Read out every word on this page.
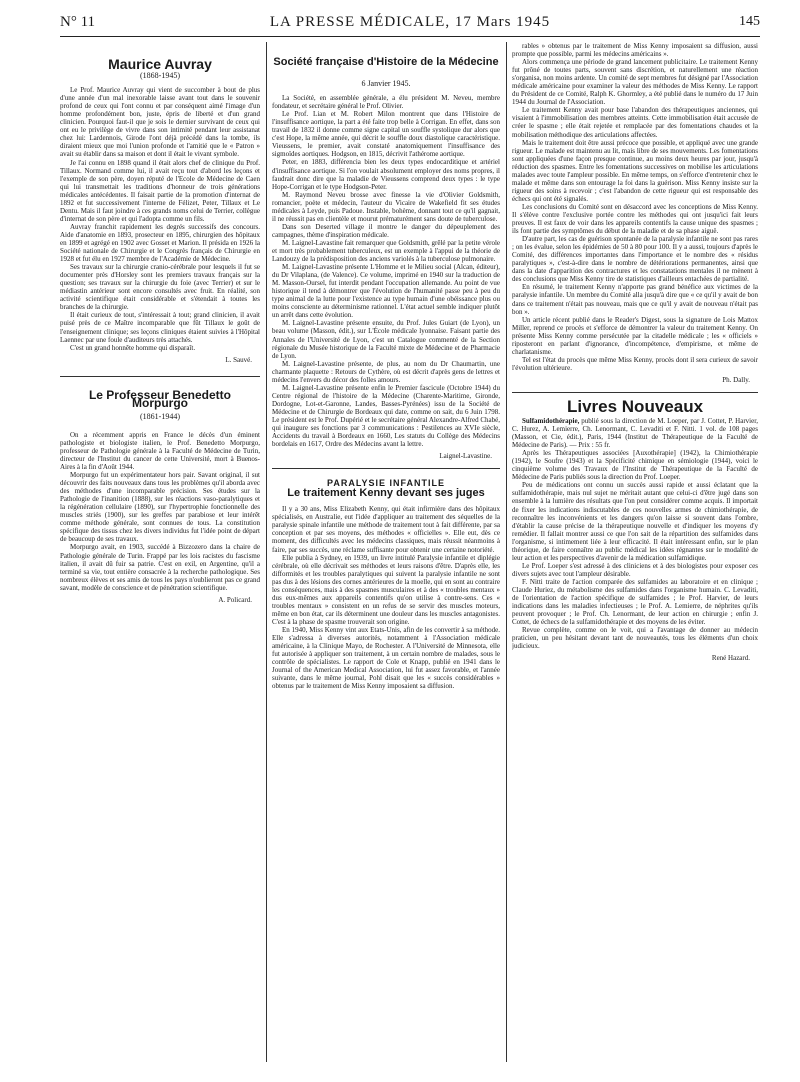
N° 11	LA PRESSE MÉDICALE, 17 Mars 1945	145
Maurice Auvray
(1868-1945)

Le Prof. Maurice Auvray qui vient de succomber à bout de plus d'une année d'un mal inexorable laisse avant tout dans le souvenir profond de ceux qui l'ont connu et par conséquent aimé l'image d'un homme profondément bon, juste, épris de liberté et d'un grand clinicien. Pourquoi faut-il que je sois le dernier survivant de ceux qui ont eu le privilège de vivre dans son intimité pendant leur assistanat chez lui: Lardennois, Girode l'ont déjà précédé dans la tombe, ils diraient mieux que moi l'union profonde et l'amitié que le « Patron » avait su établir dans sa maison et dont il était le vivant symbole.

Je l'ai connu en 1898 quand il était alors chef de clinique du Prof. Tillaux. Normand comme lui, il avait reçu tout d'abord les leçons et l'exemple de son père, doyen réputé de l'Ecole de Médecine de Caen qui lui transmettait les traditions d'honneur de trois générations médicales antécédentes. Il faisait partie de la promotion d'internat de 1892 et fut successivement l'interne de Félizet, Peter, Tillaux et Le Dentu. Mais il faut joindre à ces grands noms celui de Terrier, collègue d'internat de son père et qui l'adopta comme un fils.

Auvray franchit rapidement les degrés successifs des concours. Aide d'anatomie en 1893, prosecteur en 1895, chirurgien des hôpitaux en 1899 et agrégé en 1902 avec Gosset et Marion. Il présida en 1926 la Société nationale de Chirurgie et le Congrès français de Chirurgie en 1928 et fut élu en 1927 membre de l'Académie de Médecine.

Ses travaux sur la chirurgie cranio-cérébrale pour lesquels il fut se documenter près d'Horsley sont les premiers travaux français sur la question; ses travaux sur la chirurgie du foie (avec Terrier) et sur le médiastin antérieur sont encore consultés avec fruit. En réalité, son activité scientifique était considérable et s'étendait à toutes les branches de la chirurgie.

Il était curieux de tout, s'intéressait à tout; grand clinicien, il avait puisé près de ce Maître incomparable que fût Tillaux le goût de l'enseignement clinique; ses leçons cliniques étaient suivies à l'Hôpital Laennec par une foule d'auditeurs très attachés.

C'est un grand honnête homme qui disparaît.

L. Sauvé.
Le Professeur Benedetto Morpurgo
(1861-1944)

On a récemment appris en France le décès d'un éminent pathologiste et biologiste italien, le Prof. Benedetto Morpurgo, professeur de Pathologie générale à la Faculté de Médecine de Turin, directeur de l'Institut du cancer de cette Université, mort à Buenos-Aires à la fin d'Août 1944.

Morpurgo fut un expérimentateur hors pair. Savant original, il sut découvrir des faits nouveaux dans tous les problèmes qu'il aborda avec des méthodes d'une incomparable précision. Ses études sur la Pathologie de l'inanition (1888), sur les réactions vaso-paralytiques et la régénération cellulaire (1890), sur l'hypertrophie fonctionnelle des muscles striés (1900), sur les greffes par parabiose et leur intérêt comme méthode générale, sont connues de tous. La constitution spécifique des tissus chez les divers individus fut l'idée point de départ de beaucoup de ses travaux.

Morpurgo avait, en 1903, succédé à Bizzozero dans la chaire de Pathologie générale de Turin. Frappé par les lois racistes du fascisme italien, il avait dû fuir sa patrie. C'est en exil, en Argentine, qu'il a terminé sa vie, tout entière consacrée à la recherche pathologique. Ses nombreux élèves et ses amis de tous les pays n'oublieront pas ce grand savant, modèle de conscience et de pénétration scientifique.

A. Policard.
Société française d'Histoire de la Médecine
6 Janvier 1945.

La Société, en assemblée générale, a élu président M. Neveu, membre fondateur, et secrétaire général le Prof. Olivier.

Le Prof. Lian et M. Robert Milon montrent que dans l'Histoire de l'insuffisance aortique, la part a été faite trop belle à Corrigan. En effet, dans son travail de 1832 il donne comme signe capital un souffle systolique dur alors que c'est Hope, la même année, qui décrit le souffle doux diastolique caractéristique. Vieussens, le premier, avait constaté anatomiquement l'insuffisance des sigmoïdes aortiques. Hodgson, en 1815, décrivit l'athérome aortique.

Peter, en 1883, différencia bien les deux types endocarditique et artériel d'insuffisance aortique. Si l'on voulait absolument employer des noms propres, il faudrait donc dire que la maladie de Vieussens comprend deux types : le type Hope-Corrigan et le type Hodgson-Peter.

M. Raymond Neveu brosse avec finesse la vie d'Olivier Goldsmith, romancier, poète et médecin, l'auteur du Vicaire de Wakefield fit ses études médicales à Leyde, puis Padoue. Instable, bohème, donnant tout ce qu'il gagnait, il ne réussit pas en clientèle et mourut prématurément sans doute de tuberculose.

Dans son Deserted village il montre le danger du dépeuplement des campagnes, thème d'inspiration médicale.

M. Laignel-Lavastine fait remarquer que Goldsmith, grêlé par la petite vérole et mort très probablement tuberculeux, est un exemple à l'appui de la théorie de Landouzy de la prédisposition des anciens variolés à la tuberculose pulmonaire.

M. Laignel-Lavastine présente L'Homme et le Milieu social (Alcan, éditeur), du Dr Vilaplana, (de Valence). Ce volume, imprimé en 1940 sur la traduction de M. Masson-Oursel, fut interdit pendant l'occupation allemande. Au point de vue historique il tend à démontrer que l'évolution de l'humanité passe peu à peu du type animal de la lutte pour l'existence au type humain d'une obéissance plus ou moins consciente au déterminisme rationnel. L'état actuel semble indiquer plutôt un arrêt dans cette évolution.

M. Laignel-Lavastine présente ensuite, du Prof. Jules Guiart (de Lyon), un beau volume (Masson, édit.), sur L'École médicale lyonnaise. Faisant partie des Annales de l'Université de Lyon, c'est un Catalogue commenté de la Section régionale du Musée historique de la Faculté mixte de Médecine et de Pharmacie de Lyon.

M. Laignel-Lavastine présente, de plus, au nom du Dr Chaumartin, une charmante plaquette : Retours de Cythère, où est décrit d'après gens de lettres et médecins l'envers du décor des folles amours.

M. Laignel-Lavastine présente enfin le Premier fascicule (Octobre 1944) du Centre régional de l'histoire de la Médecine (Charente-Maritime, Gironde, Dordogne, Lot-et-Garonne, Landes, Basses-Pyrénées) issu de la Société de Médecine et de Chirurgie de Bordeaux qui date, comme on sait, du 6 Juin 1798. Le président est le Prof. Dupérié et le secrétaire général Alexandre-Alfred Chabé, qui inaugure ses fonctions par 3 communications : Pestilences au XVIe siècle, Accidents du travail à Bordeaux en 1660, Les statuts du Collège des Médecins bordelais en 1617, Ordre des Médecins avant la lettre.

Laignel-Lavastine.
PARALYSIE INFANTILE
Le traitement Kenny devant ses juges

Il y a 30 ans, Miss Elizabeth Kenny, qui était infirmière dans des hôpitaux spécialisés, en Australie, eut l'idée d'appliquer au traitement des séquelles de la paralysie spinale infantile une méthode de traitement tout à fait différente, par sa conception et par ses moyens, des méthodes « officielles ». Elle eut, dès ce moment, des difficultés avec les médecins classiques, mais réussit néanmoins à faire, par ses succès, une réclame suffisante pour obtenir une certaine notoriété.

Elle publia à Sydney, en 1939, un livre intitulé Paralysie infantile et diplégie cérébrale, où elle décrivait ses méthodes et leurs raisons d'être. D'après elle, les difformités et les troubles paralytiques qui suivent la paralysie infantile ne sont pas dus à des lésions des cornes antérieures de la moelle, qui en sont au contraire les conséquences, mais à des spasmes musculaires et à des « troubles mentaux » dus eux-mêmes aux appareils contentifs qu'on utilise à contre-sens. Ces « troubles mentaux » consistent en un refus de se servir des muscles moteurs, même en bon état, car ils déterminent une douleur dans les muscles antagonistes. C'est à la phase de spasme trouverait son origine.

En 1940, Miss Kenny vint aux Etats-Unis, afin de les convertir à sa méthode. Elle s'adressa à diverses autorités, notamment à l'Association médicale américaine, à la Clinique Mayo, de Rochester. A l'Université de Minnesota, elle fut autorisée à appliquer son traitement, à un certain nombre de malades, sous le contrôle de spécialistes. Le rapport de Cole et Knapp, publié en 1941 dans le Journal of the American Medical Association, lui fut assez favorable, et l'année suivante, dans le même journal, Pohl disait que les « succès considérables » obtenus par le traitement de Miss Kenny imposaient sa diffusion.

rables » obtenus par le traitement de Miss Kenny imposaient sa diffusion, aussi prompte que possible, parmi les médecins américains ».

Alors commença une période de grand lancement publicitaire. Le traitement Kenny fut prôné de toutes parts, souvent sans discrétion, et naturellement une réaction s'organisa, non moins ardente. Un comité de sept membres fut désigné par l'Association médicale américaine pour examiner la valeur des méthodes de Miss Kenny. Le rapport du Président de ce Comité, Ralph K. Ghormley, a été publié dans le numéro du 17 Juin 1944 du Journal de l'Association.

Le traitement Kenny avait pour base l'abandon des thérapeutiques anciennes, qui visaient à l'immobilisation des membres atteints. Cette immobilisation était accusée de créer le spasme ; elle était rejetée et remplacée par des fomentations chaudes et la mobilisation méthodique des articulations affectées.

Mais le traitement doit être aussi précoce que possible, et appliqué avec une grande rigueur. Le malade est maintenu au lit, mais libre de ses mouvements. Les fomentations sont appliquées d'une façon presque continue, au moins deux heures par jour, jusqu'à réduction des spasmes. Entre les fomentations successives on mobilise les articulations malades avec toute l'ampleur possible. En même temps, on s'efforce d'entretenir chez le malade et même dans son entourage la foi dans la guérison. Miss Kenny insiste sur la rigueur des soins à recevoir ; c'est l'abandon de cette rigueur qui est responsable des échecs qui ont été signalés.

Les conclusions du Comité sont en désaccord avec les conceptions de Miss Kenny. Il s'élève contre l'exclusive portée contre les méthodes qui ont jusqu'ici fait leurs preuves. Il est faux de voir dans les appareils contentifs la cause unique des spasmes ; ils font partie des symptômes du début de la maladie et de sa phase aiguë.

D'autre part, les cas de guérison spontanée de la paralysie infantile ne sont pas rares ; on les évalue, selon les épidémies de 50 à 80 pour 100. Il y a aussi, toujours d'après le Comité, des différences importantes dans l'importance et le nombre des « résidus paralytiques », c'est-à-dire dans le nombre de détériorations permanentes, ainsi que dans la date d'apparition des contractures et les constatations mentales il ne mènent à des conclusions que Miss Kenny tire de statistiques d'ailleurs entachées de partialité.

En résumé, le traitement Kenny n'apporte pas grand bénéfice aux victimes de la paralysie infantile. Un membre du Comité alla jusqu'à dire que « ce qu'il y avait de bon dans ce traitement n'était pas nouveau, mais que ce qu'il y avait de nouveau n'était pas bon ».

Un article récent publié dans le Reader's Digest, sous la signature de Lois Mattox Miller, reprend ce procès et s'efforce de démontrer la valeur du traitement Kenny. On présente Miss Kenny comme persécutée par la citadelle médicale ; les « officiels » riposteront en parlant d'ignorance, d'incompétence, d'empirisme, et même de charlatanisme.

Tel est l'état du procès que même Miss Kenny, procès dont il sera curieux de savoir l'évolution ultérieure.

Ph. Dally.
Livres Nouveaux

Sulfamidothérapie, publié sous la direction de M. Loeper, par J. Cottet, P. Harvier, C. Hurez, A. Lemierre, Ch. Lenormant, C. Levaditi et F. Nitti. 1 vol. de 108 pages (Masson, et Cie, édit.), Paris, 1944 (Institut de Thérapeutique de la Faculté de Médecine de Paris). — Prix : 55 fr.

Après les Thérapeutiques associées [Auxothérapie] (1942), la Chimiothérapie (1942), le Soufre (1943) et la Spécificité chimique en sémiologie (1944), voici le cinquième volume des Travaux de l'Institut de Thérapeutique de la Faculté de Médecine de Paris publiés sous la direction du Prof. Loeper.

Peu de médications ont connu un succès aussi rapide et aussi éclatant que la sulfamidothérapie, mais nul sujet ne méritait autant que celui-ci d'être jugé dans son ensemble à la lumière des résultats que l'on peut considérer comme acquis. Il importait de fixer les indications indiscutables de ces nouvelles armes de chimiothérapie, de reconnaître les inconvénients et les dangers qu'on laisse si souvent dans l'ombre, d'établir la cause précise de la thérapeutique nouvelle et d'indiquer les moyens d'y remédier. Il fallait montrer aussi ce que l'on sait de la répartition des sulfamides dans l'organisme, si intimement liée à leur efficacité. Il était intéressant enfin, sur le plan théorique, de faire connaître au public médical les idées régnantes sur le modalité de leur action et les perspectives d'avenir de la médication sulfamidique.

Le Prof. Loeper s'est adressé à des cliniciens et à des biologistes pour exposer ces divers sujets avec tout l'ampleur désirable.

F. Nitti traite de l'action comparée des sulfamides au laboratoire et en clinique ; Claude Huriez, du métabolisme des sulfamides dans l'organisme humain. C. Levaditi, de l'orientation de l'action spécifique de sulfamides ; le Prof. Harvier, de leurs indications dans les maladies infectieuses ; le Prof. A. Lemierre, de néphrites qu'ils peuvent provoquer ; le Prof. Ch. Lenormant, de leur action en chirurgie ; enfin J. Cottet, de échecs de la sulfamidothérapie et des moyens de les éviter.

Revue complète, comme on le voit, qui a l'avantage de donner au médecin praticien, un peu hésitant devant tant de nouveautés, tous les éléments d'un choix judicieux.

René Hazard.
